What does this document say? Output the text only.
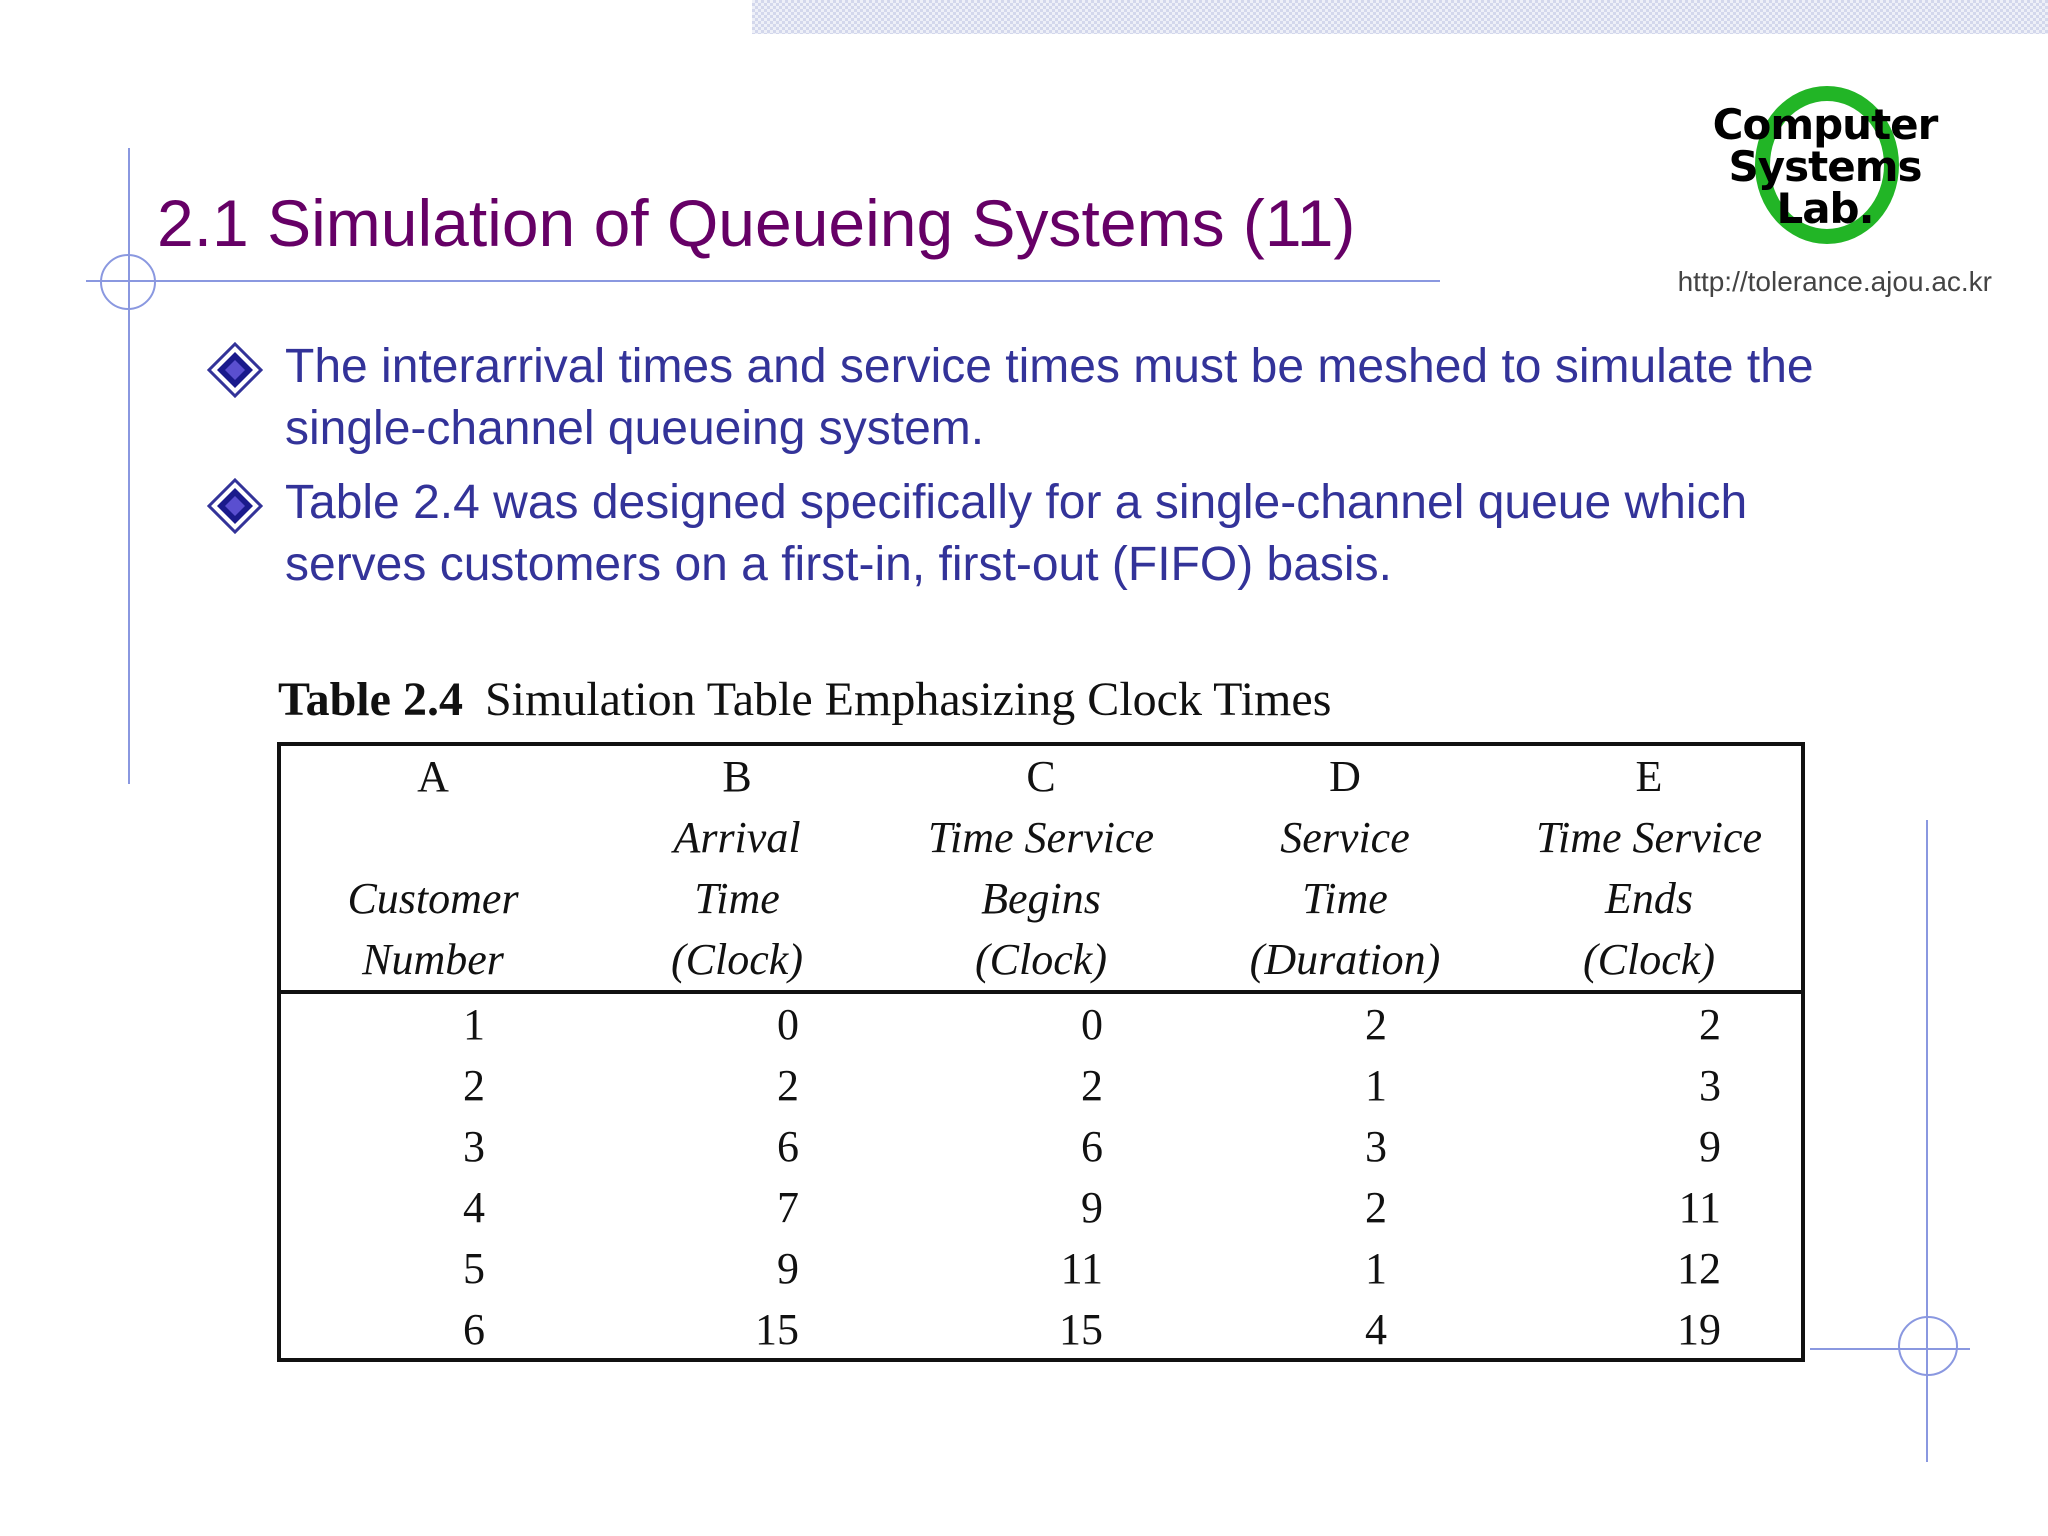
2.1 Simulation of Queueing Systems (11)
Computer
Systems
Lab.
http://tolerance.ajou.ac.kr
The interarrival times and service times must be meshed to simulate the single-channel queueing system.
Table 2.4 was designed specifically for a single-channel queue which serves customers on a first-in, first-out (FIFO) basis.
Table 2.4 Simulation Table Emphasizing Clock Times
A	B	C	D	E
	Arrival	Time Service	Service	Time Service
Customer	Time	Begins	Time	Ends
Number	(Clock)	(Clock)	(Duration)	(Clock)
1	0	0	2	2
2	2	2	1	3
3	6	6	3	9
4	7	9	2	11
5	9	11	1	12
6	15	15	4	19
